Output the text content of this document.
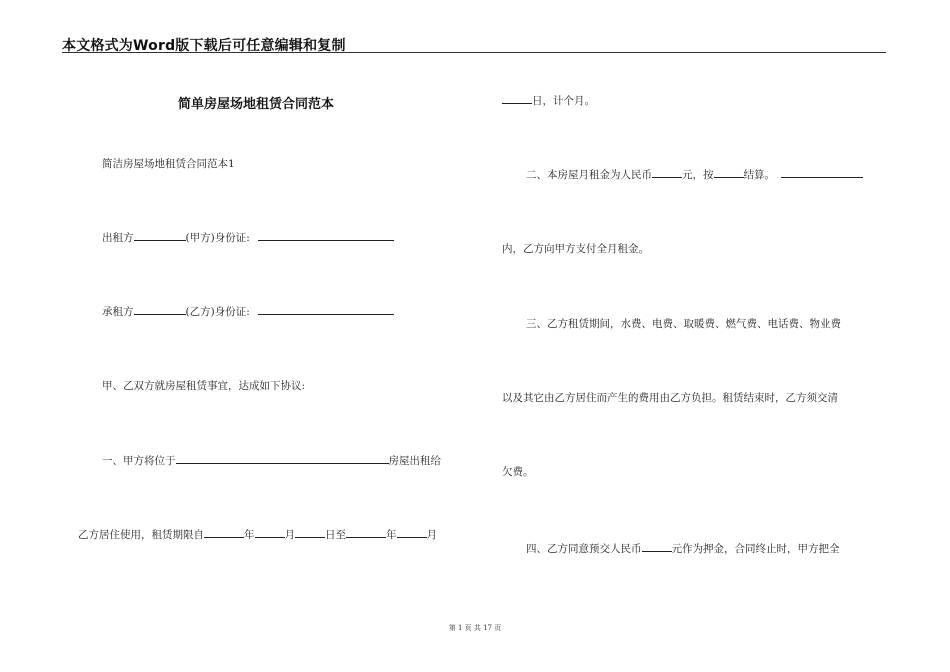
本文格式为Word版下载后可任意编辑和复制
简单房屋场地租赁合同范本
简洁房屋场地租赁合同范本1
出租方	(甲方)身份证:
承租方	(乙方)身份证:
甲、乙双方就房屋租赁事宜，达成如下协议:
一、甲方将位于	房屋出租给
乙方居住使用，租赁期限自	年	月	日至	年	月
日，计个月。
二、本房屋月租金为人民币	元，按	结算。
内，乙方向甲方支付全月租金。
三、乙方租赁期间，水费、电费、取暖费、燃气费、电话费、物业费
以及其它由乙方居住而产生的费用由乙方负担。租赁结束时，乙方须交清
欠费。
四、乙方同意预交人民币	元作为押金，合同终止时，甲方把全
第 1 页 共 17 页
